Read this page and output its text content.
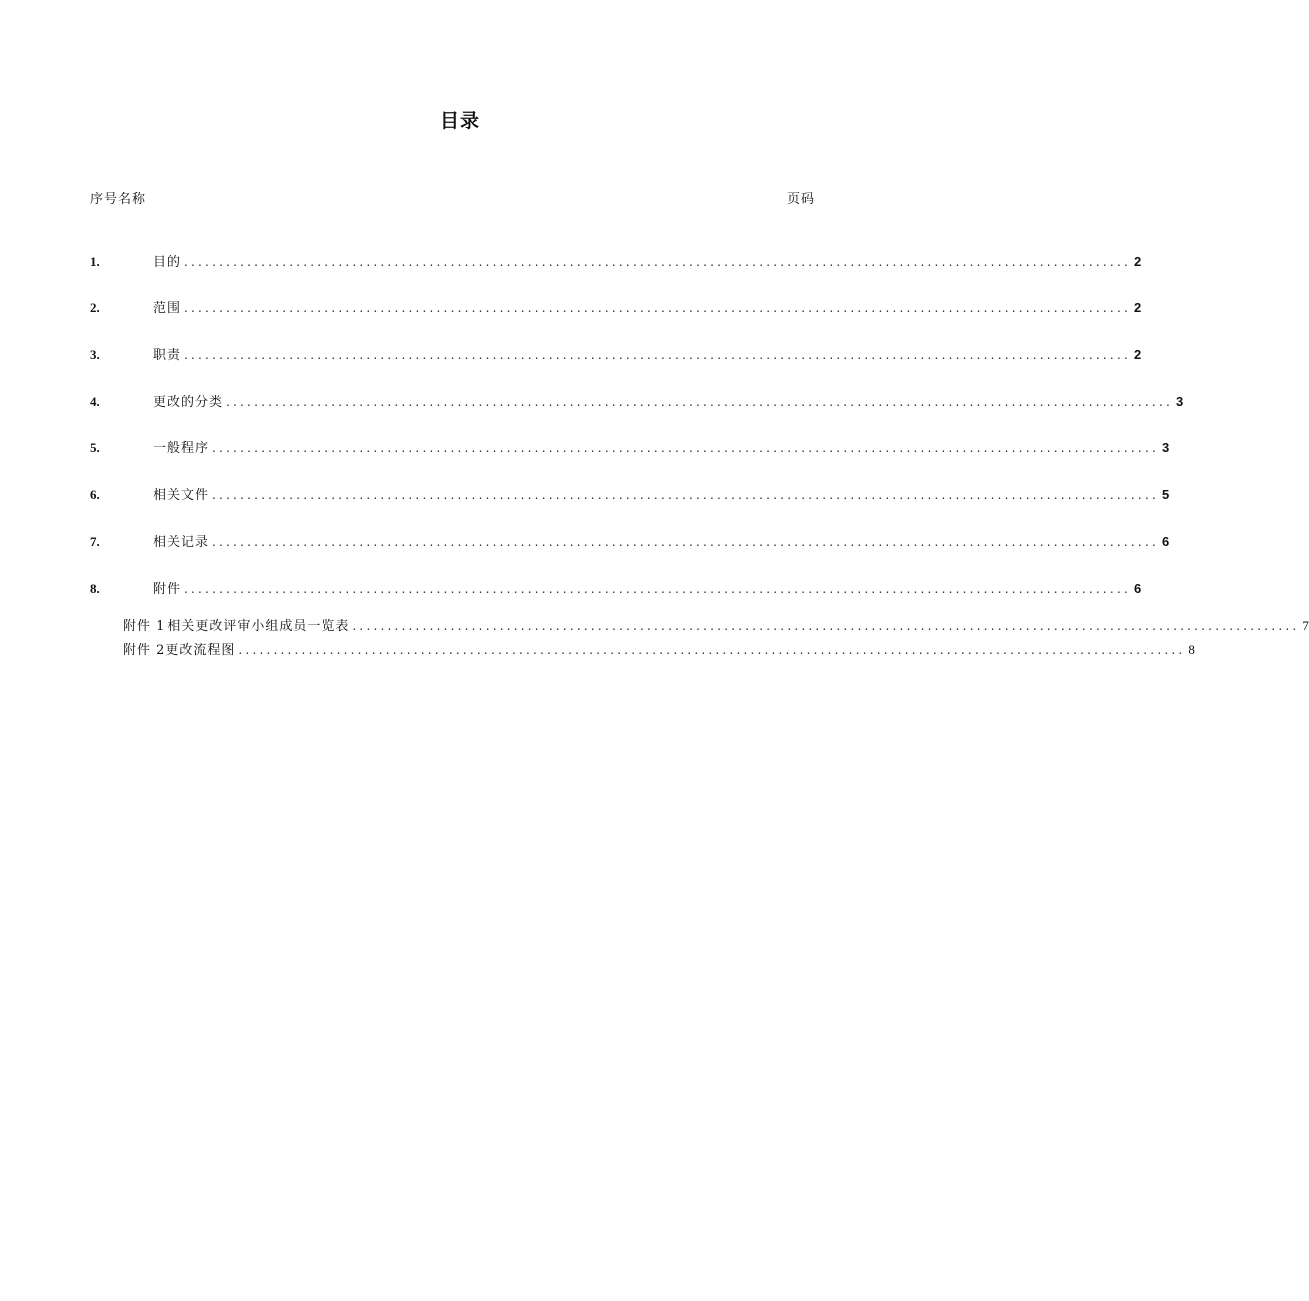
目录
序号名称	页码
1.	目的 ....................................................................................................................................... 2
2.	范围 ....................................................................................................................................... 2
3.	职责 ....................................................................................................................................... 2
4.	更改的分类 ....................................................................................................................................... 3
5.	一般程序 ....................................................................................................................................... 3
6.	相关文件 ....................................................................................................................................... 5
7.	相关记录 ....................................................................................................................................... 6
8.	附件 ....................................................................................................................................... 6
附件 1 相关更改评审小组成员一览表 ....................................................................................................................................... 7
附件 2 更改流程图 ....................................................................................................................................... 8
